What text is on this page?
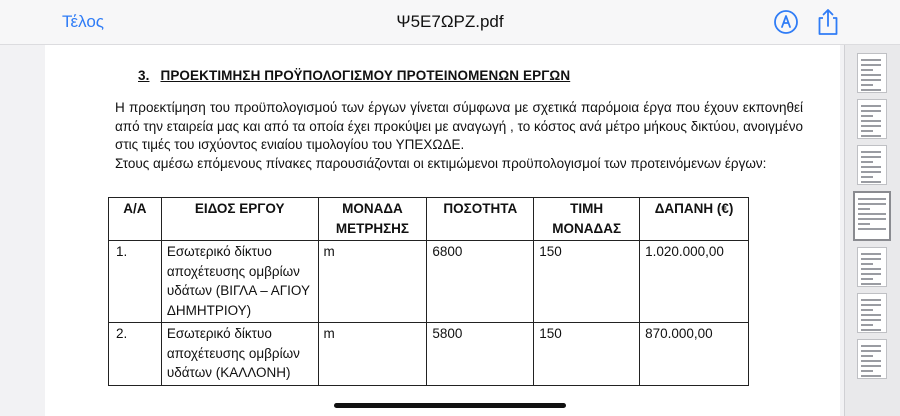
Τέλος	Ψ5Ε7ΩΡΖ.pdf
3. ΠΡΟΕΚΤΙΜΗΣΗ ΠΡΟΫΠΟΛΟΓΙΣΜΟΥ ΠΡΟΤΕΙΝΟΜΕΝΩΝ ΕΡΓΩΝ

Η προεκτίμηση του προϋπολογισμού των έργων γίνεται σύμφωνα με σχετικά παρόμοια έργα που έχουν εκπονηθεί από την εταιρεία μας και από τα οποία έχει προκύψει με αναγωγή , το κόστος ανά μέτρο μήκους δικτύου, ανοιγμένο στις τιμές του ισχύοντος ενιαίου τιμολογίου του ΥΠΕΧΩΔΕ.

Στους αμέσω επόμενους πίνακες παρουσιάζονται οι εκτιμώμενοι προϋπολογισμοί των προτεινόμενων έργων:

Α/Α	ΕΙΔΟΣ ΕΡΓΟΥ	ΜΟΝΑΔΑ ΜΕΤΡΗΣΗΣ	ΠΟΣΟΤΗΤΑ	ΤΙΜΗ ΜΟΝΑΔΑΣ	ΔΑΠΑΝΗ (€)
1.	Εσωτερικό δίκτυο αποχέτευσης ομβρίων υδάτων (ΒΙΓΛΑ – ΑΓΙΟΥ ΔΗΜΗΤΡΙΟΥ)	m	6800	150	1.020.000,00
2.	Εσωτερικό δίκτυο αποχέτευσης ομβρίων υδάτων (ΚΑΛΛΟΝΗ)	m	5800	150	870.000,00
